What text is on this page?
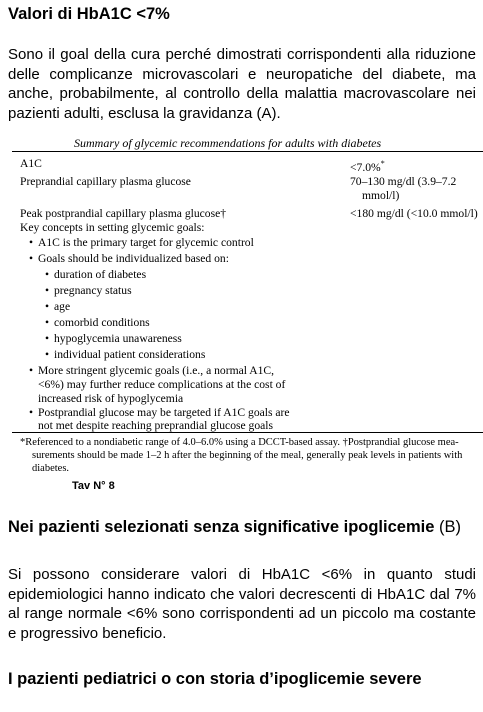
Valori di HbA1C <7%
Sono il goal della cura perché dimostrati corrispondenti alla riduzione delle complicanze microvascolari e neuropatiche del diabete, ma anche, probabilmente, al controllo della malattia macrovascolare nei pazienti adulti, esclusa la gravidanza (A).
Summary of glycemic recommendations for adults with diabetes
A1C	<7.0%*
Preprandial capillary plasma glucose	70–130 mg/dl (3.9–7.2
mmol/l)
Peak postprandial capillary plasma glucose†	<180 mg/dl (<10.0 mmol/l)
Key concepts in setting glycemic goals:
• A1C is the primary target for glycemic control
• Goals should be individualized based on:
• duration of diabetes
• pregnancy status
• age
• comorbid conditions
• hypoglycemia unawareness
• individual patient considerations
• More stringent glycemic goals (i.e., a normal A1C,
<6%) may further reduce complications at the cost of
increased risk of hypoglycemia
• Postprandial glucose may be targeted if A1C goals are
not met despite reaching preprandial glucose goals
*Referenced to a nondiabetic range of 4.0–6.0% using a DCCT-based assay. †Postprandial glucose mea-
surements should be made 1–2 h after the beginning of the meal, generally peak levels in patients with
diabetes.
Tav N° 8
Nei pazienti selezionati senza significative ipoglicemie (B)
Si possono considerare valori di HbA1C <6% in quanto studi epidemiologici hanno indicato che valori decrescenti di HbA1C dal 7% al range normale <6% sono corrispondenti ad un piccolo ma costante e progressivo beneficio.
I pazienti pediatrici o con storia d’ipoglicemie severe
